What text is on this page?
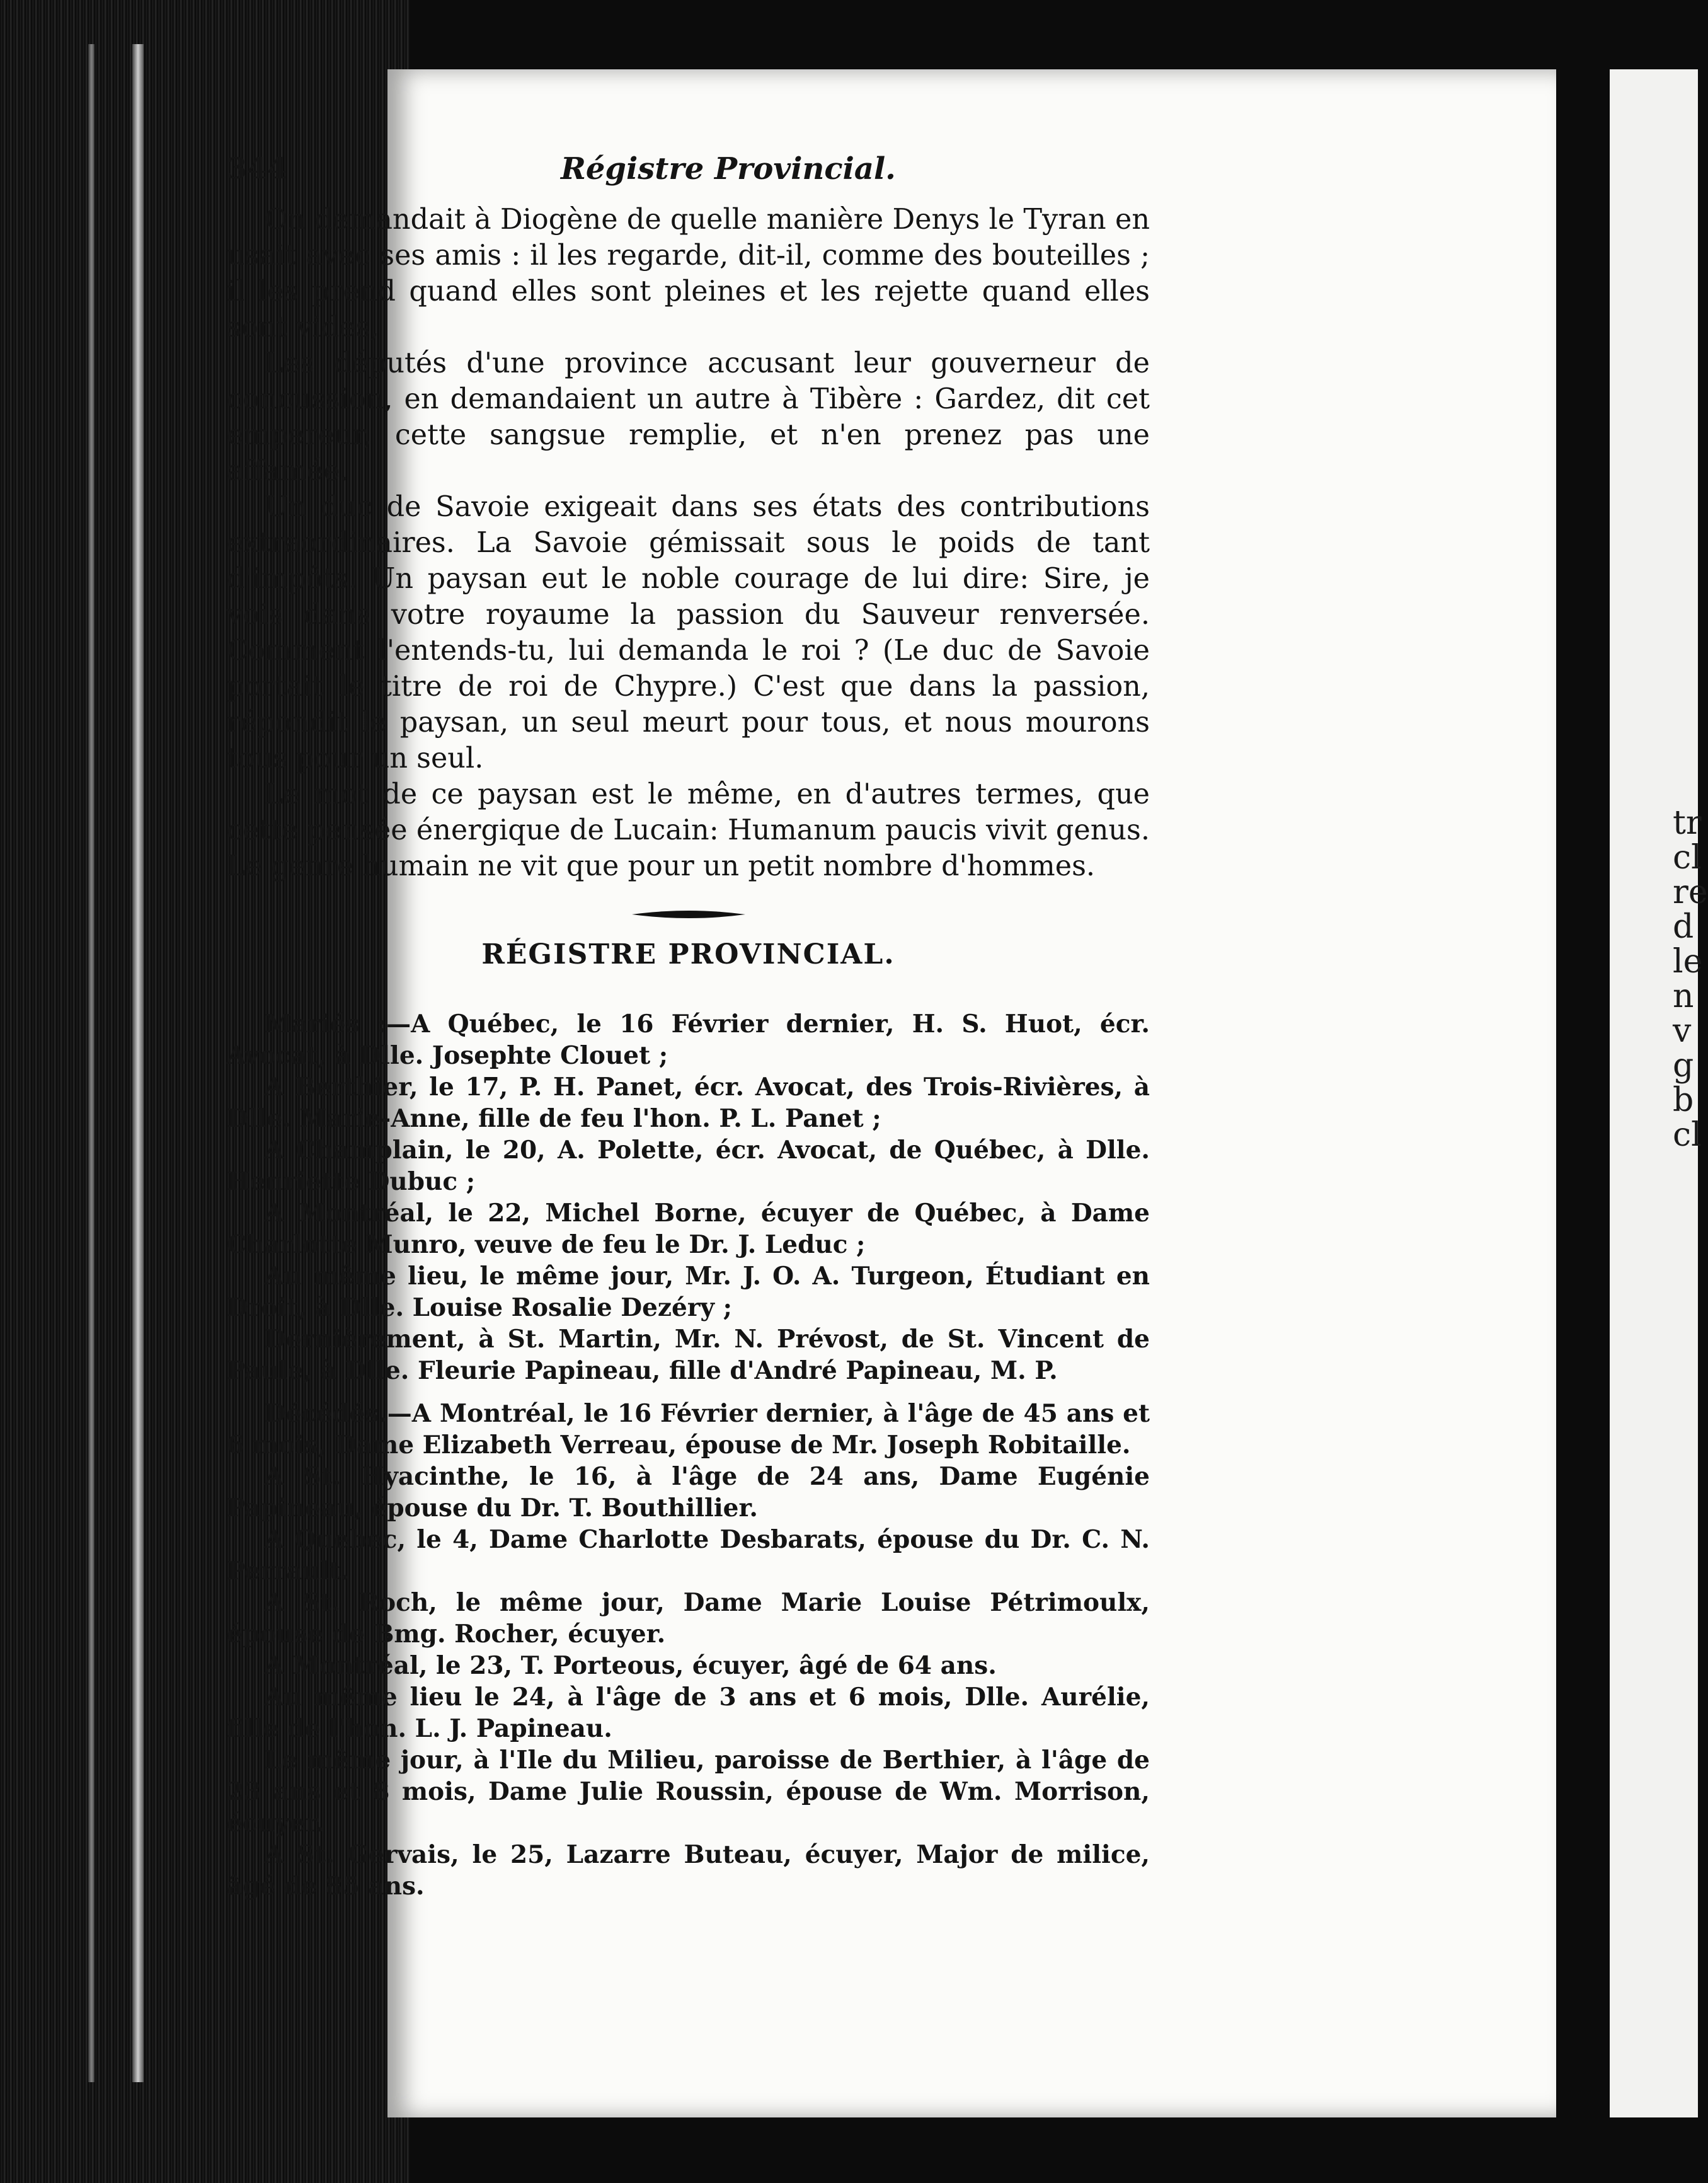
tr
cl
re
d
le
n
v
g
b
cl
344	Régistre Provincial.

On demandait à Diogène de quelle manière Denys le Tyran en usait avec ses amis : il les regarde, dit-il, comme des bouteilles ; il les prend quand elles sont pleines et les rejette quand elles sont vides,

Les députés d'une province accusant leur gouverneur de concussion, en demandaient un autre à Tibère : Gardez, dit cet empereur, cette sangsue remplie, et n'en prenez pas une affamée.

Un duc de Savoie exigeait dans ses états des contributions extraordinaires. La Savoie gémissait sous le poids de tant d'impôts. Un paysan eut le noble courage de lui dire: Sire, je vois dans votre royaume la passion du Sauveur renversée. Comment l'entends-tu, lui demanda le roi ? (Le duc de Savoie portait le titre de roi de Chypre.) C'est que dans la passion, répondit le paysan, un seul meurt pour tous, et nous mourons tous pour un seul.

Le mot de ce paysan est le même, en d'autres termes, que cette pensée énergique de Lucain: Humanum paucis vivit genus. Le genre humain ne vit que pour un petit nombre d'hommes.

RÉGISTRE PROVINCIAL.

Mariés :—A Québec, le 16 Février dernier, H. S. Huot, écr. Avocat, à Dlle. Josephte Clouet ;

A Berthier, le 17, P. H. Panet, écr. Avocat, des Trois-Rivières, à Dlle. Marie-Anne, fille de feu l'hon. P. L. Panet ;

A Champlain, le 20, A. Polette, écr. Avocat, de Québec, à Dlle. Henriette Dubuc ;

A Montréal, le 22, Michel Borne, écuyer de Québec, à Dame Charlotte Munro, veuve de feu le Dr. J. Leduc ;

Au même lieu, le même jour, Mr. J. O. A. Turgeon, Étudiant en Droit, à Dlle. Louise Rosalie Dezéry ;

Dernièrement, à St. Martin, Mr. N. Prévost, de St. Vincent de Paule, à Dlle. Fleurie Papineau, fille d'André Papineau, M. P.

Décédés.—A Montréal, le 16 Février dernier, à l'âge de 45 ans et 6 mois, Dame Elizabeth Verreau, épouse de Mr. Joseph Robitaille.

A St. Hyacinthe, le 16, à l'âge de 24 ans, Dame Eugénie Papineau, épouse du Dr. T. Bouthillier.

A Quebec, le 4, Dame Charlotte Desbarats, épouse du Dr. C. N. Perrault.

A St. Roch, le même jour, Dame Marie Louise Pétrimoulx, épouse de Bmg. Rocher, écuyer.

A Montréal, le 23, T. Porteous, écuyer, âgé de 64 ans.

Au même lieu le 24, à l'âge de 3 ans et 6 mois, Dlle. Aurélie, fille de l'hon. L. J. Papineau.

Le même jour, à l'Ile du Milieu, paroisse de Berthier, à l'âge de 23 ans et 8 mois, Dame Julie Roussin, épouse de Wm. Morrison, écuyer.

A St. Gervais, le 25, Lazarre Buteau, écuyer, Major de milice, âgé de 85 ans.
